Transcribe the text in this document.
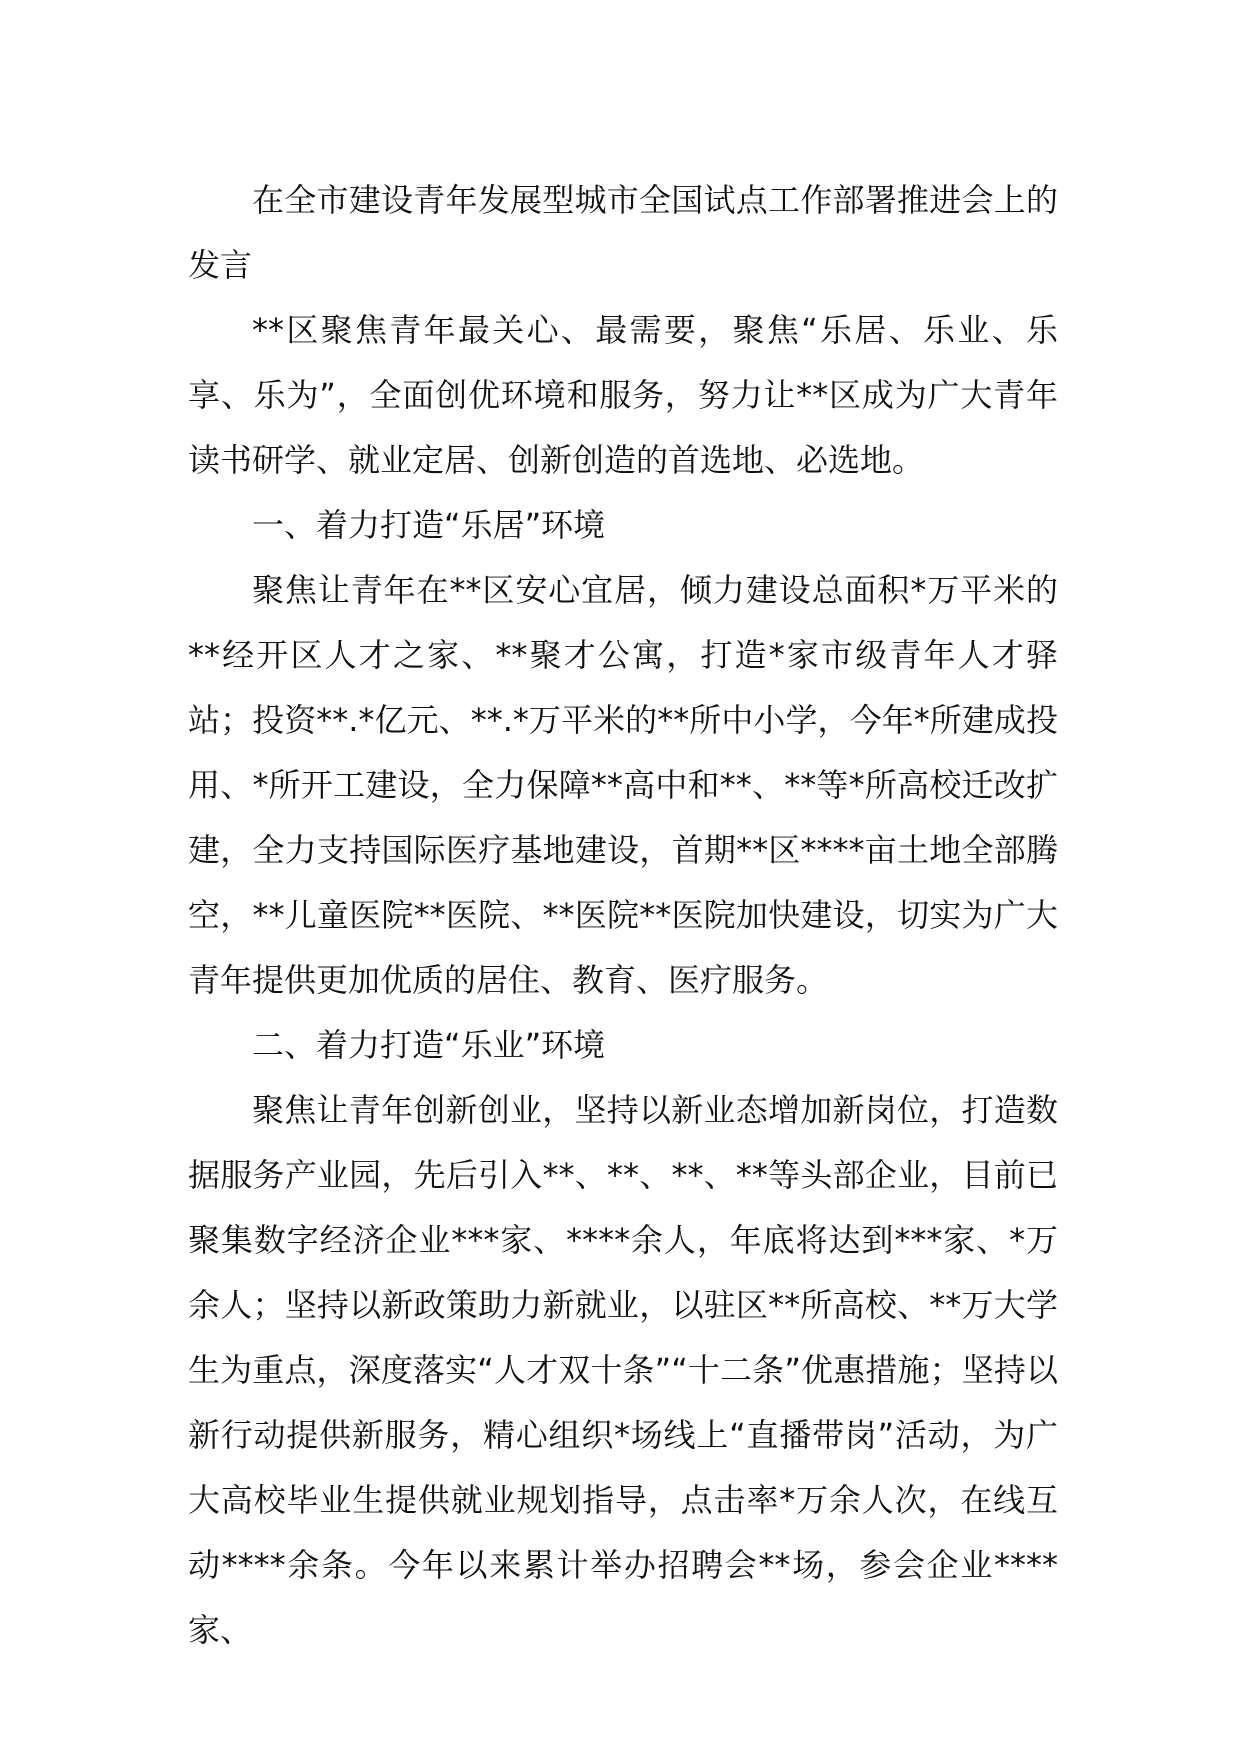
在全市建设青年发展型城市全国试点工作部署推进会上的发言

**区聚焦青年最关心、最需要，聚焦“乐居、乐业、乐享、乐为”，全面创优环境和服务，努力让**区成为广大青年读书研学、就业定居、创新创造的首选地、必选地。

一、着力打造“乐居”环境

聚焦让青年在**区安心宜居，倾力建设总面积*万平米的**经开区人才之家、**聚才公寓，打造*家市级青年人才驿站；投资**.*亿元、**.*万平米的**所中小学，今年*所建成投用、*所开工建设，全力保障**高中和**、**等*所高校迁改扩建，全力支持国际医疗基地建设，首期**区****亩土地全部腾空，**儿童医院**医院、**医院**医院加快建设，切实为广大青年提供更加优质的居住、教育、医疗服务。

二、着力打造“乐业”环境

聚焦让青年创新创业，坚持以新业态增加新岗位，打造数据服务产业园，先后引入**、**、**、**等头部企业，目前已聚集数字经济企业***家、****余人，年底将达到***家、*万余人；坚持以新政策助力新就业，以驻区**所高校、**万大学生为重点，深度落实“人才双十条”“十二条”优惠措施；坚持以新行动提供新服务，精心组织*场线上“直播带岗”活动，为广大高校毕业生提供就业规划指导，点击率*万余人次，在线互动****余条。今年以来累计举办招聘会**场，参会企业****家、
